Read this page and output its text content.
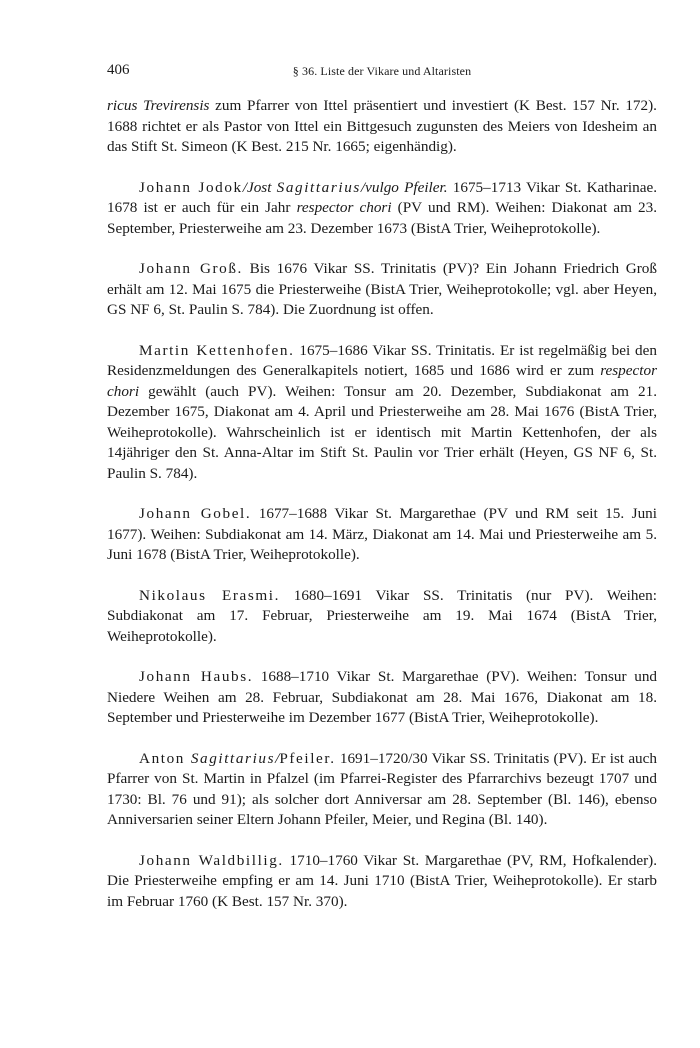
406	§ 36. Liste der Vikare und Altaristen

ricus Trevirensis zum Pfarrer von Ittel präsentiert und investiert (K Best. 157 Nr. 172). 1688 richtet er als Pastor von Ittel ein Bittgesuch zugunsten des Meiers von Idesheim an das Stift St. Simeon (K Best. 215 Nr. 1665; eigenhändig).

Johann Jodok/Jost Sagittarius/vulgo Pfeiler. 1675–1713 Vikar St. Katharinae. 1678 ist er auch für ein Jahr respector chori (PV und RM). Weihen: Diakonat am 23. September, Priesterweihe am 23. Dezember 1673 (BistA Trier, Weiheprotokolle).

Johann Groß. Bis 1676 Vikar SS. Trinitatis (PV)? Ein Johann Friedrich Groß erhält am 12. Mai 1675 die Priesterweihe (BistA Trier, Weiheprotokolle; vgl. aber Heyen, GS NF 6, St. Paulin S. 784). Die Zuordnung ist offen.

Martin Kettenhofen. 1675–1686 Vikar SS. Trinitatis. Er ist regelmäßig bei den Residenzmeldungen des Generalkapitels notiert, 1685 und 1686 wird er zum respector chori gewählt (auch PV). Weihen: Tonsur am 20. Dezember, Subdiakonat am 21. Dezember 1675, Diakonat am 4. April und Priesterweihe am 28. Mai 1676 (BistA Trier, Weiheprotokolle). Wahrscheinlich ist er identisch mit Martin Kettenhofen, der als 14jähriger den St. Anna-Altar im Stift St. Paulin vor Trier erhält (Heyen, GS NF 6, St. Paulin S. 784).

Johann Gobel. 1677–1688 Vikar St. Margarethae (PV und RM seit 15. Juni 1677). Weihen: Subdiakonat am 14. März, Diakonat am 14. Mai und Priesterweihe am 5. Juni 1678 (BistA Trier, Weiheprotokolle).

Nikolaus Erasmi. 1680–1691 Vikar SS. Trinitatis (nur PV). Weihen: Subdiakonat am 17. Februar, Priesterweihe am 19. Mai 1674 (BistA Trier, Weiheprotokolle).

Johann Haubs. 1688–1710 Vikar St. Margarethae (PV). Weihen: Tonsur und Niedere Weihen am 28. Februar, Subdiakonat am 28. Mai 1676, Diakonat am 18. September und Priesterweihe im Dezember 1677 (BistA Trier, Weiheprotokolle).

Anton Sagittarius/Pfeiler. 1691–1720/30 Vikar SS. Trinitatis (PV). Er ist auch Pfarrer von St. Martin in Pfalzel (im Pfarrei-Register des Pfarrarchivs bezeugt 1707 und 1730: Bl. 76 und 91); als solcher dort Anniversar am 28. September (Bl. 146), ebenso Anniversarien seiner Eltern Johann Pfeiler, Meier, und Regina (Bl. 140).

Johann Waldbillig. 1710–1760 Vikar St. Margarethae (PV, RM, Hofkalender). Die Priesterweihe empfing er am 14. Juni 1710 (BistA Trier, Weiheprotokolle). Er starb im Februar 1760 (K Best. 157 Nr. 370).
